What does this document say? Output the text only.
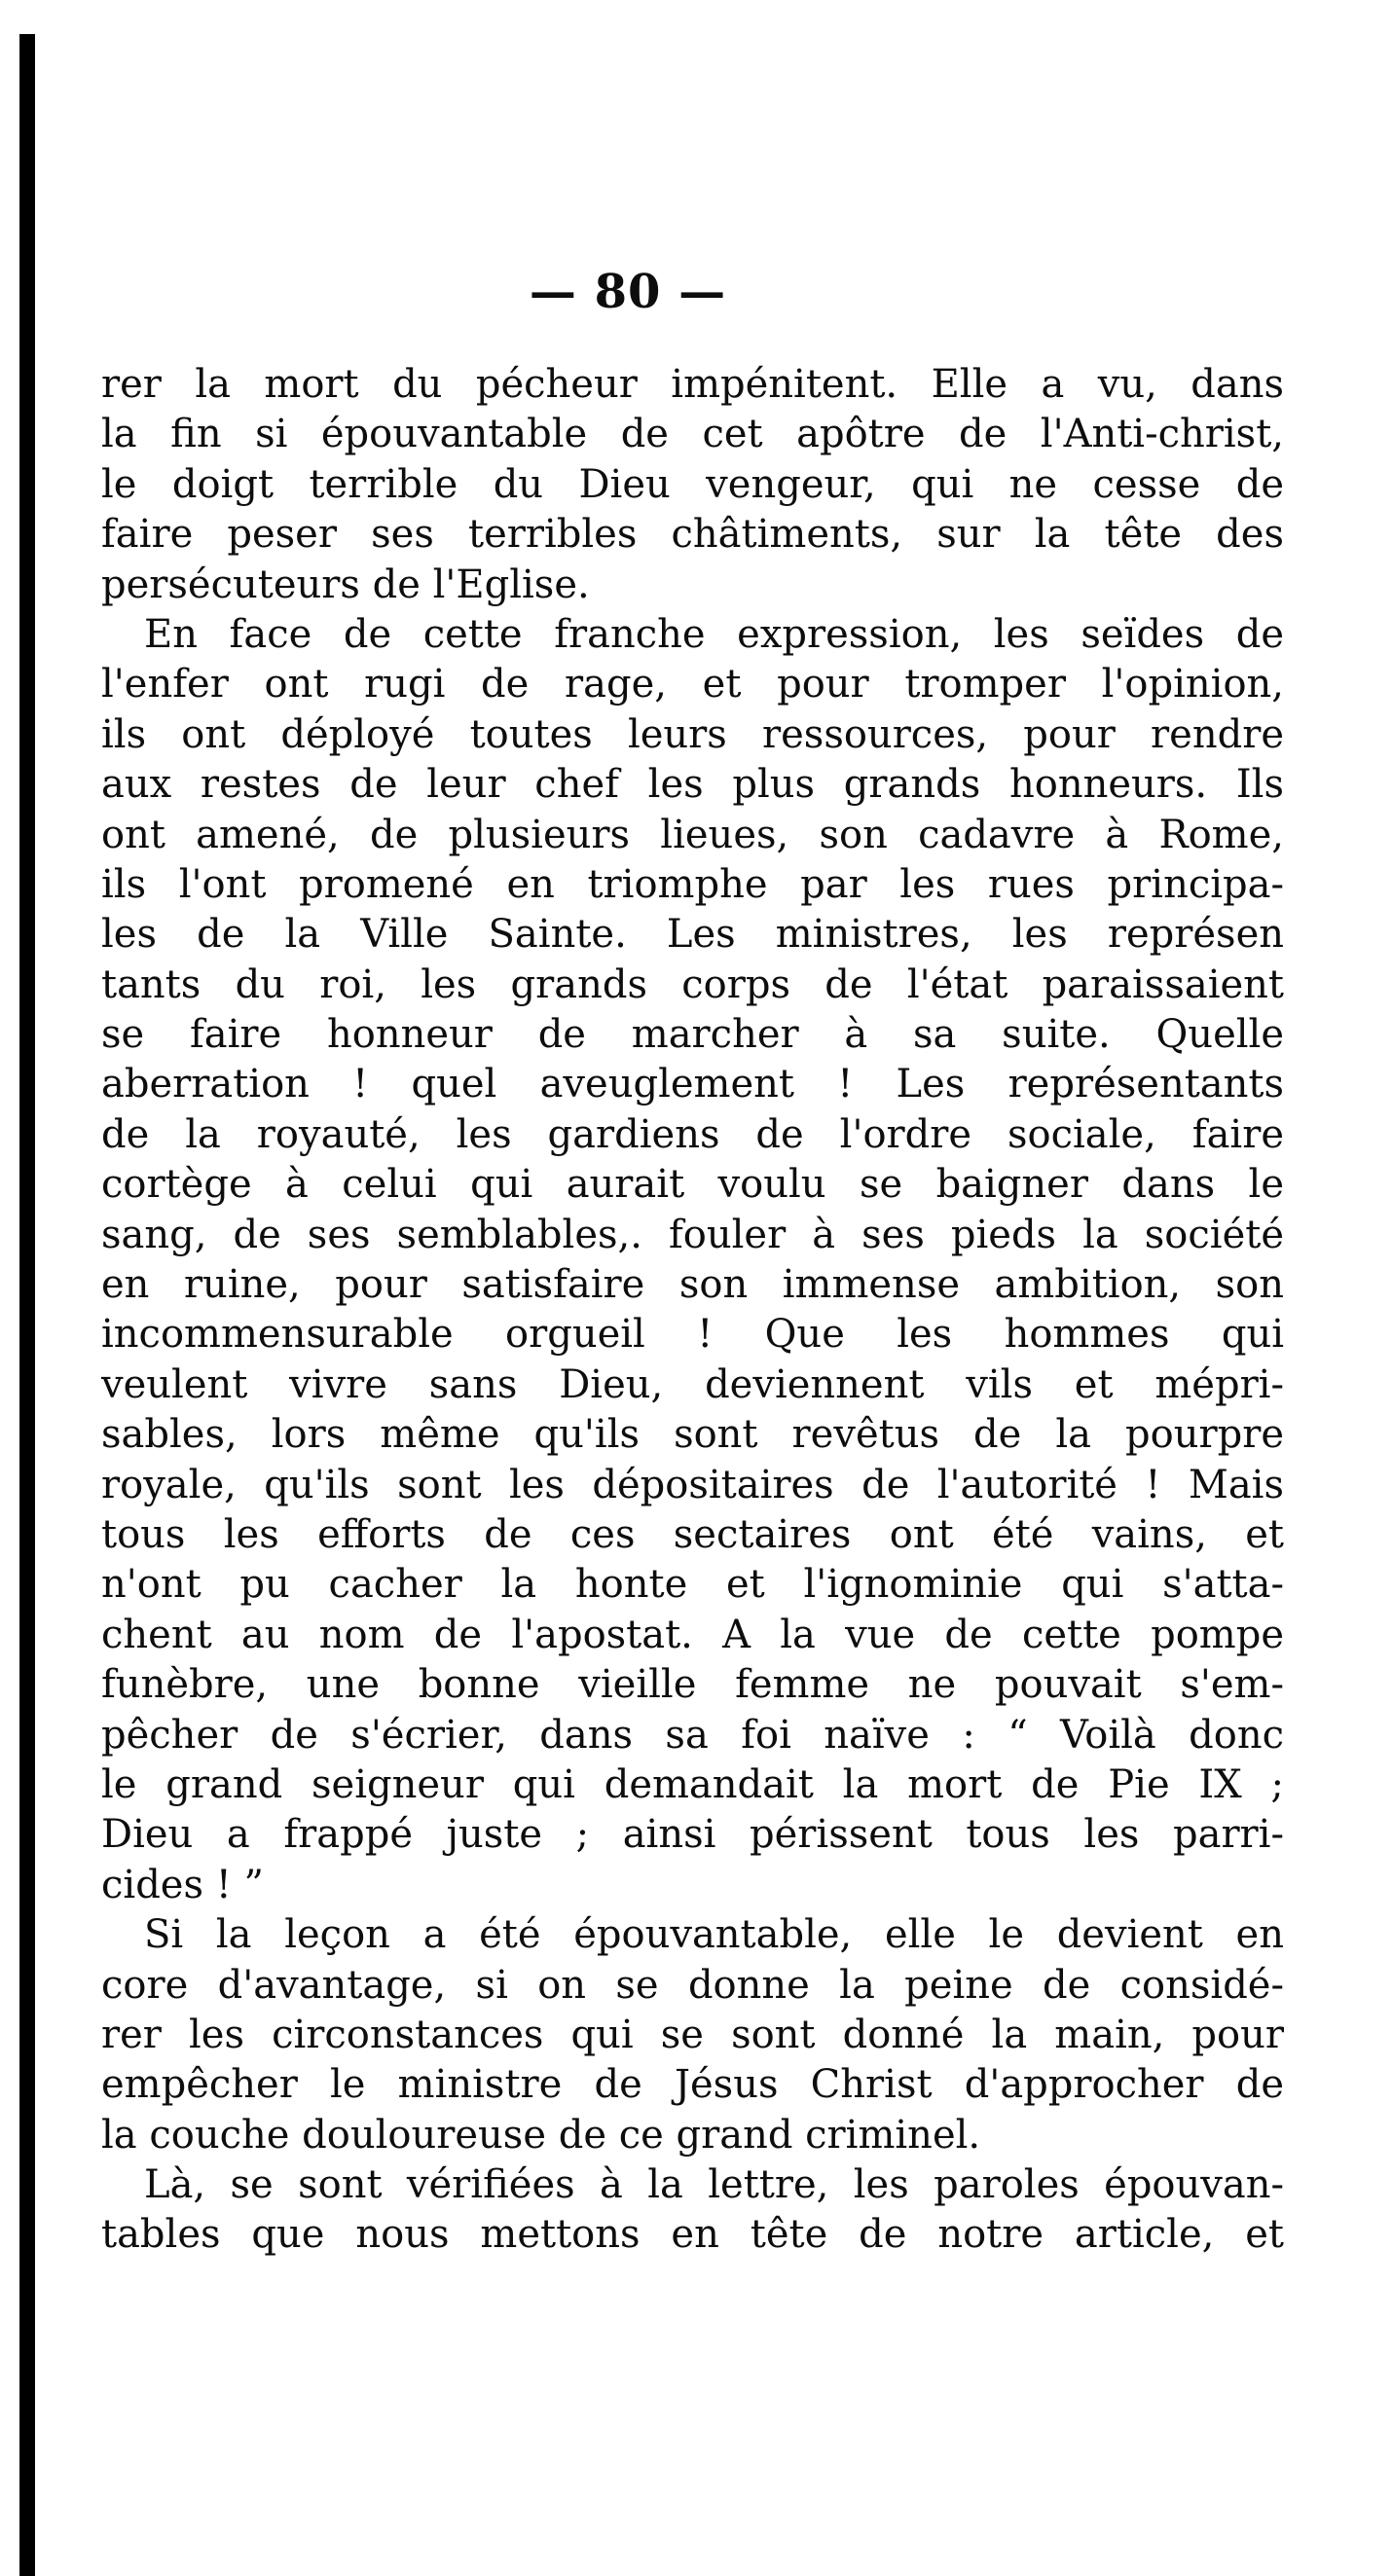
— 80 —
rer la mort du pécheur impénitent. Elle a vu, dans
la fin si épouvantable de cet apôtre de l'Anti-christ,
le doigt terrible du Dieu vengeur, qui ne cesse de
faire peser ses terribles châtiments, sur la tête des
persécuteurs de l'Eglise.
En face de cette franche expression, les seïdes de
l'enfer ont rugi de rage, et pour tromper l'opinion,
ils ont déployé toutes leurs ressources, pour rendre
aux restes de leur chef les plus grands honneurs. Ils
ont amené, de plusieurs lieues, son cadavre à Rome,
ils l'ont promené en triomphe par les rues principa-
les de la Ville Sainte. Les ministres, les représen
tants du roi, les grands corps de l'état paraissaient
se faire honneur de marcher à sa suite. Quelle
aberration ! quel aveuglement ! Les représentants
de la royauté, les gardiens de l'ordre sociale, faire
cortège à celui qui aurait voulu se baigner dans le
sang, de ses semblables,. fouler à ses pieds la société
en ruine, pour satisfaire son immense ambition, son
incommensurable orgueil ! Que les hommes qui
veulent vivre sans Dieu, deviennent vils et mépri-
sables, lors même qu'ils sont revêtus de la pourpre
royale, qu'ils sont les dépositaires de l'autorité ! Mais
tous les efforts de ces sectaires ont été vains, et
n'ont pu cacher la honte et l'ignominie qui s'atta-
chent au nom de l'apostat. A la vue de cette pompe
funèbre, une bonne vieille femme ne pouvait s'em-
pêcher de s'écrier, dans sa foi naïve : “ Voilà donc
le grand seigneur qui demandait la mort de Pie IX ;
Dieu a frappé juste ; ainsi périssent tous les parri-
cides ! ”
Si la leçon a été épouvantable, elle le devient en
core d'avantage, si on se donne la peine de considé-
rer les circonstances qui se sont donné la main, pour
empêcher le ministre de Jésus Christ d'approcher de
la couche douloureuse de ce grand criminel.
Là, se sont vérifiées à la lettre, les paroles épouvan-
tables que nous mettons en tête de notre article, et
